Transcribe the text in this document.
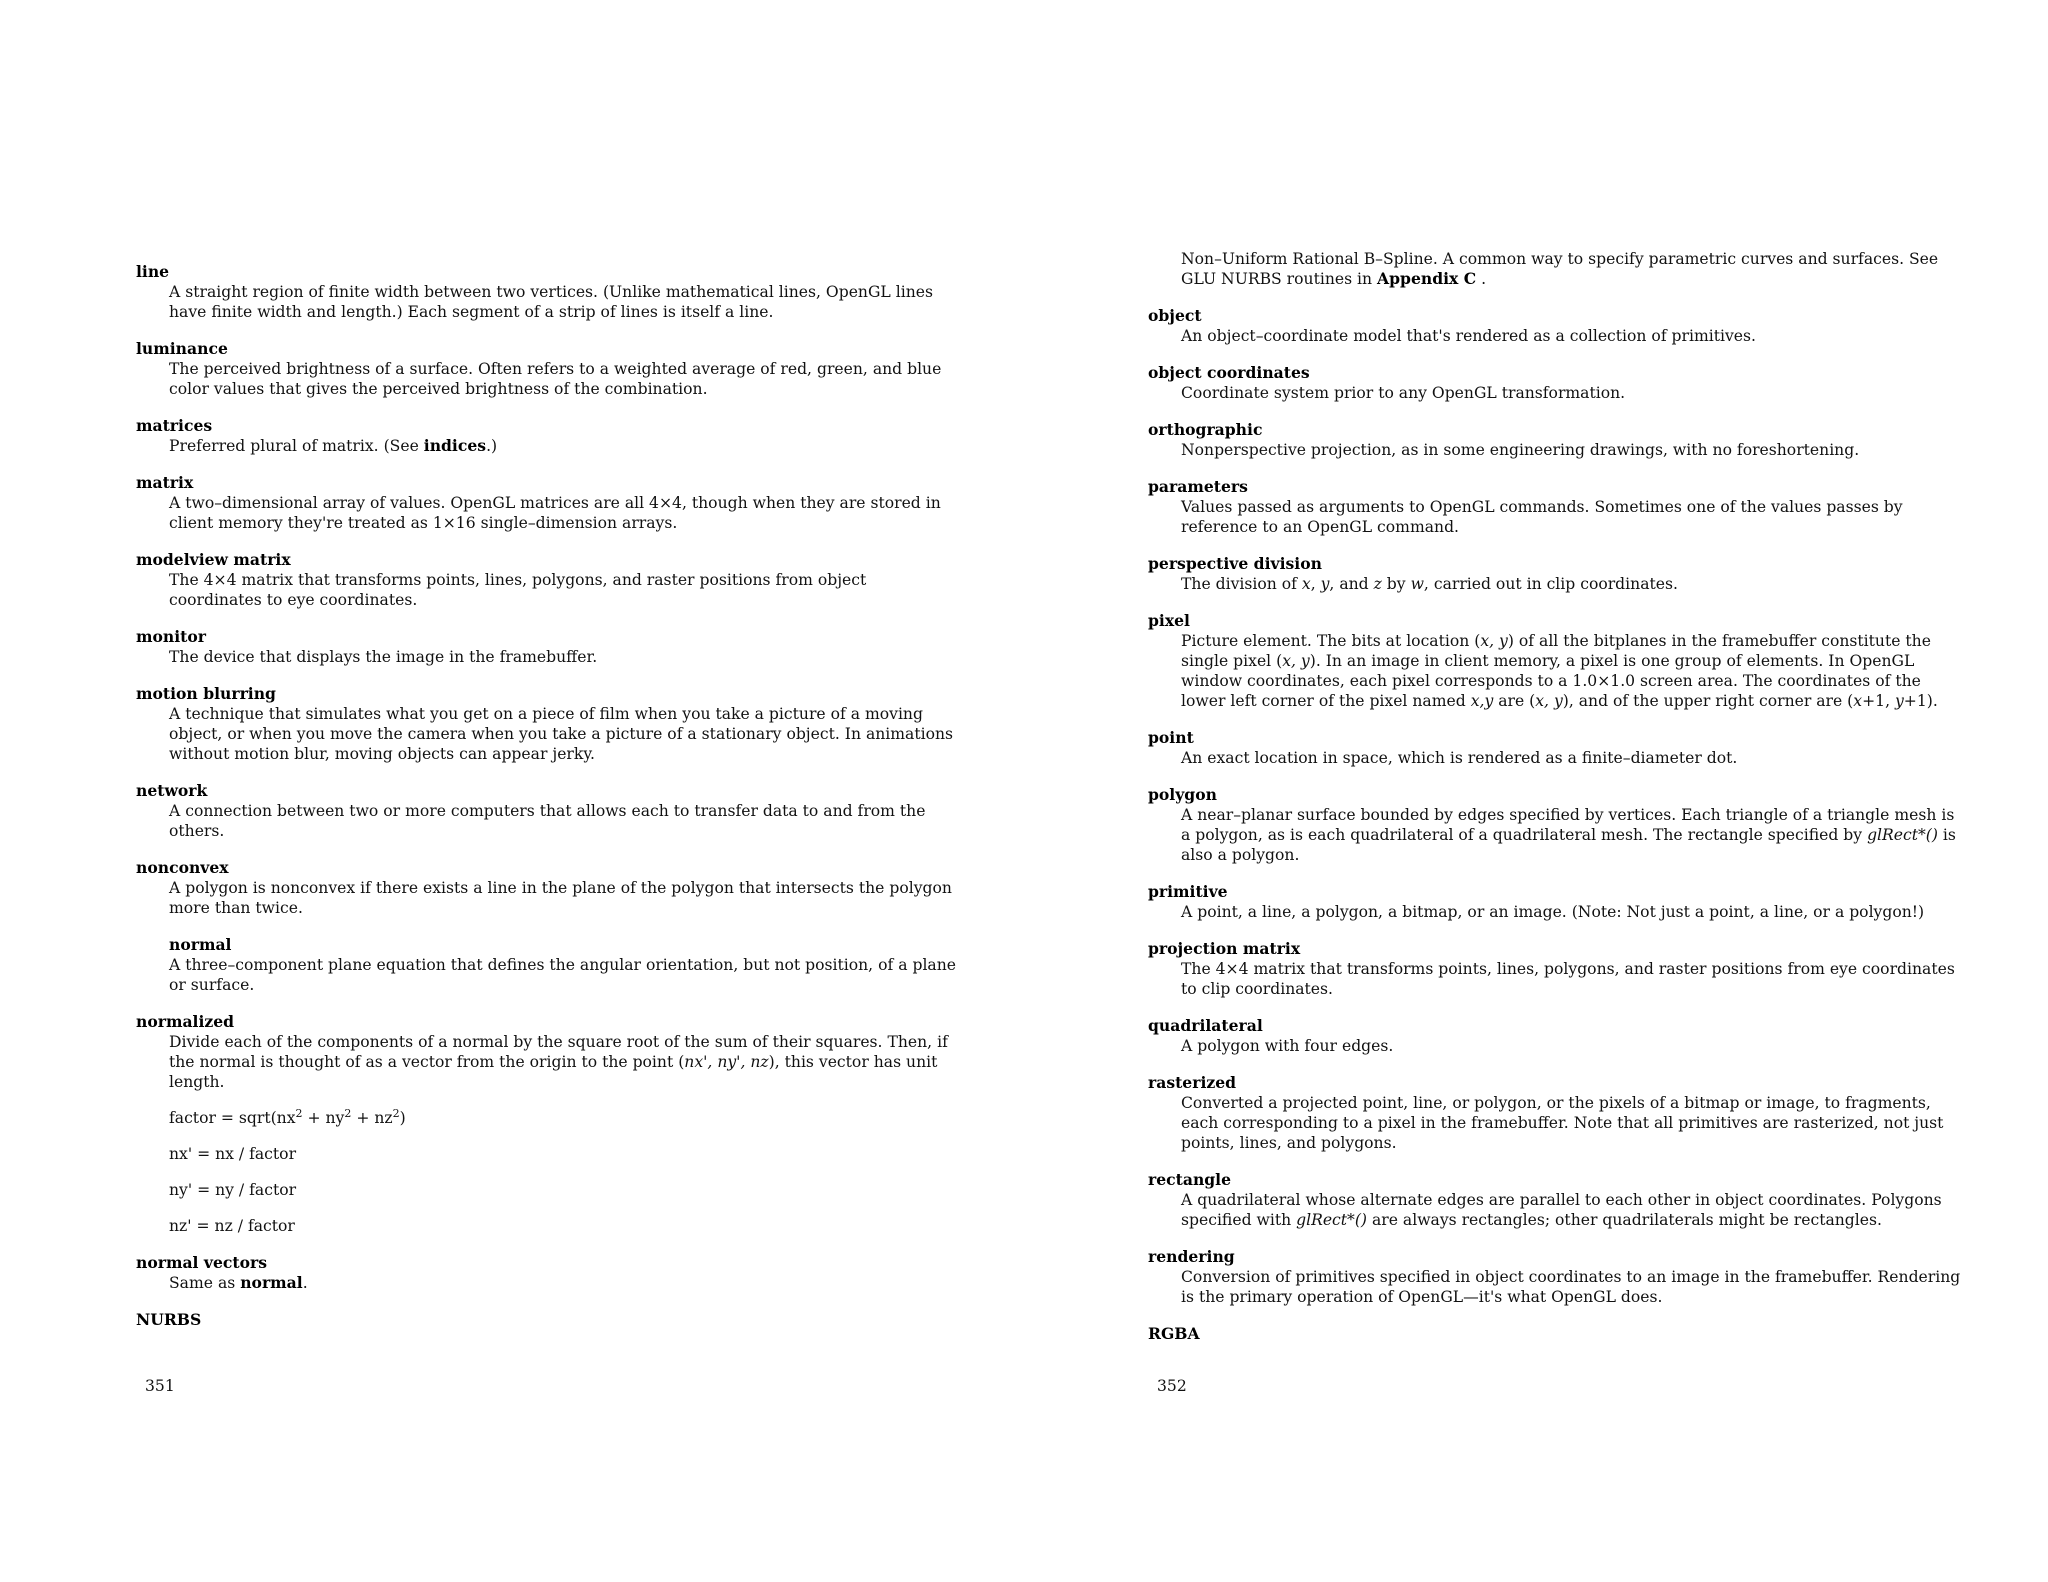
line
A straight region of finite width between two vertices. (Unlike mathematical lines, OpenGL lines have finite width and length.) Each segment of a strip of lines is itself a line.
luminance
The perceived brightness of a surface. Often refers to a weighted average of red, green, and blue color values that gives the perceived brightness of the combination.
matrices
Preferred plural of matrix. (See indices.)
matrix
A two–dimensional array of values. OpenGL matrices are all 4×4, though when they are stored in client memory they're treated as 1×16 single–dimension arrays.
modelview matrix
The 4×4 matrix that transforms points, lines, polygons, and raster positions from object coordinates to eye coordinates.
monitor
The device that displays the image in the framebuffer.
motion blurring
A technique that simulates what you get on a piece of film when you take a picture of a moving object, or when you move the camera when you take a picture of a stationary object. In animations without motion blur, moving objects can appear jerky.
network
A connection between two or more computers that allows each to transfer data to and from the others.
nonconvex
A polygon is nonconvex if there exists a line in the plane of the polygon that intersects the polygon more than twice.
normal
A three–component plane equation that defines the angular orientation, but not position, of a plane or surface.
normalized
Divide each of the components of a normal by the square root of the sum of their squares. Then, if the normal is thought of as a vector from the origin to the point (nx', ny', nz), this vector has unit length.
factor = $sqrt(nx^2 + ny^2 + nz^2)$
nx' = nx / factor
ny' = ny / factor
nz' = nz / factor
normal vectors
Same as normal.
NURBS
351
Non–Uniform Rational B–Spline. A common way to specify parametric curves and surfaces. See GLU NURBS routines in Appendix C .
object
An object–coordinate model that's rendered as a collection of primitives.
object coordinates
Coordinate system prior to any OpenGL transformation.
orthographic
Nonperspective projection, as in some engineering drawings, with no foreshortening.
parameters
Values passed as arguments to OpenGL commands. Sometimes one of the values passes by reference to an OpenGL command.
perspective division
The division of x, y, and z by w, carried out in clip coordinates.
pixel
Picture element. The bits at location (x, y) of all the bitplanes in the framebuffer constitute the single pixel (x, y). In an image in client memory, a pixel is one group of elements. In OpenGL window coordinates, each pixel corresponds to a 1.0×1.0 screen area. The coordinates of the lower left corner of the pixel named x,y are (x, y), and of the upper right corner are (x+1, y+1).
point
An exact location in space, which is rendered as a finite–diameter dot.
polygon
A near–planar surface bounded by edges specified by vertices. Each triangle of a triangle mesh is a polygon, as is each quadrilateral of a quadrilateral mesh. The rectangle specified by glRect*() is also a polygon.
primitive
A point, a line, a polygon, a bitmap, or an image. (Note: Not just a point, a line, or a polygon!)
projection matrix
The 4×4 matrix that transforms points, lines, polygons, and raster positions from eye coordinates to clip coordinates.
quadrilateral
A polygon with four edges.
rasterized
Converted a projected point, line, or polygon, or the pixels of a bitmap or image, to fragments, each corresponding to a pixel in the framebuffer. Note that all primitives are rasterized, not just points, lines, and polygons.
rectangle
A quadrilateral whose alternate edges are parallel to each other in object coordinates. Polygons specified with glRect*() are always rectangles; other quadrilaterals might be rectangles.
rendering
Conversion of primitives specified in object coordinates to an image in the framebuffer. Rendering is the primary operation of OpenGL—it's what OpenGL does.
RGBA
352
